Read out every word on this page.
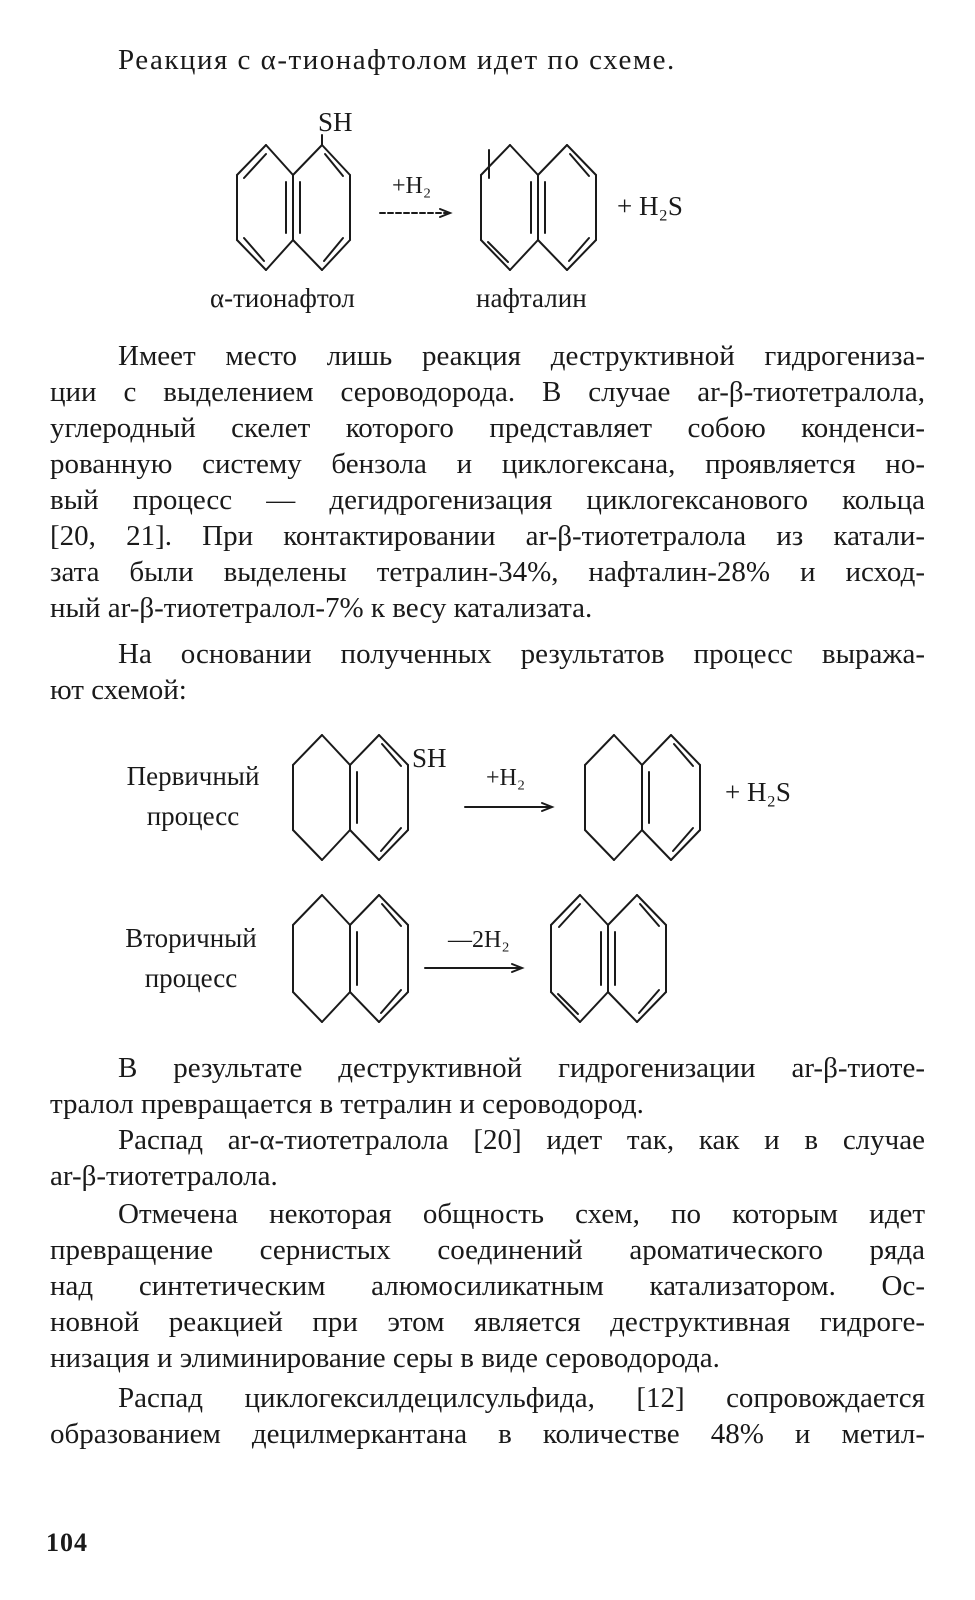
Реакция с α-тионафтолом идет по схеме.
SH
+H₂
+ H₂S
α-тионафтол	нафталин
Имеет место лишь реакция деструктивной гидрогениза-
ции с выделением сероводорода. В случае ar-β-тиотетралола,
углеродный скелет которого представляет собою конденси-
рованную систему бензола и циклогексана, проявляется но-
вый процесс — дегидрогенизация циклогексанового кольца
[20, 21]. При контактировании ar-β-тиотетралола из катали-
зата были выделены тетралин-34%, нафталин-28% и исход-
ный ar-β-тиотетралол-7% к весу катализата.
На основании полученных результатов процесс выража-
ют схемой:
Первичный
процесс
SH
+H₂	+ H₂S
Вторичный
процесс
—2H₂
В результате деструктивной гидрогенизации ar-β-тиоте-
тралол превращается в тетралин и сероводород.
Распад ar-α-тиотетралола [20] идет так, как и в случае
ar-β-тиотетралола.
Отмечена некоторая общность схем, по которым идет
превращение сернистых соединений ароматического ряда
над синтетическим алюмосиликатным катализатором. Ос-
новной реакцией при этом является деструктивная гидроге-
низация и элиминирование серы в виде сероводорода.
Распад циклогексилдецилсульфида, [12] сопровождается
образованием децилмеркантана в количестве 48% и метил-
104
